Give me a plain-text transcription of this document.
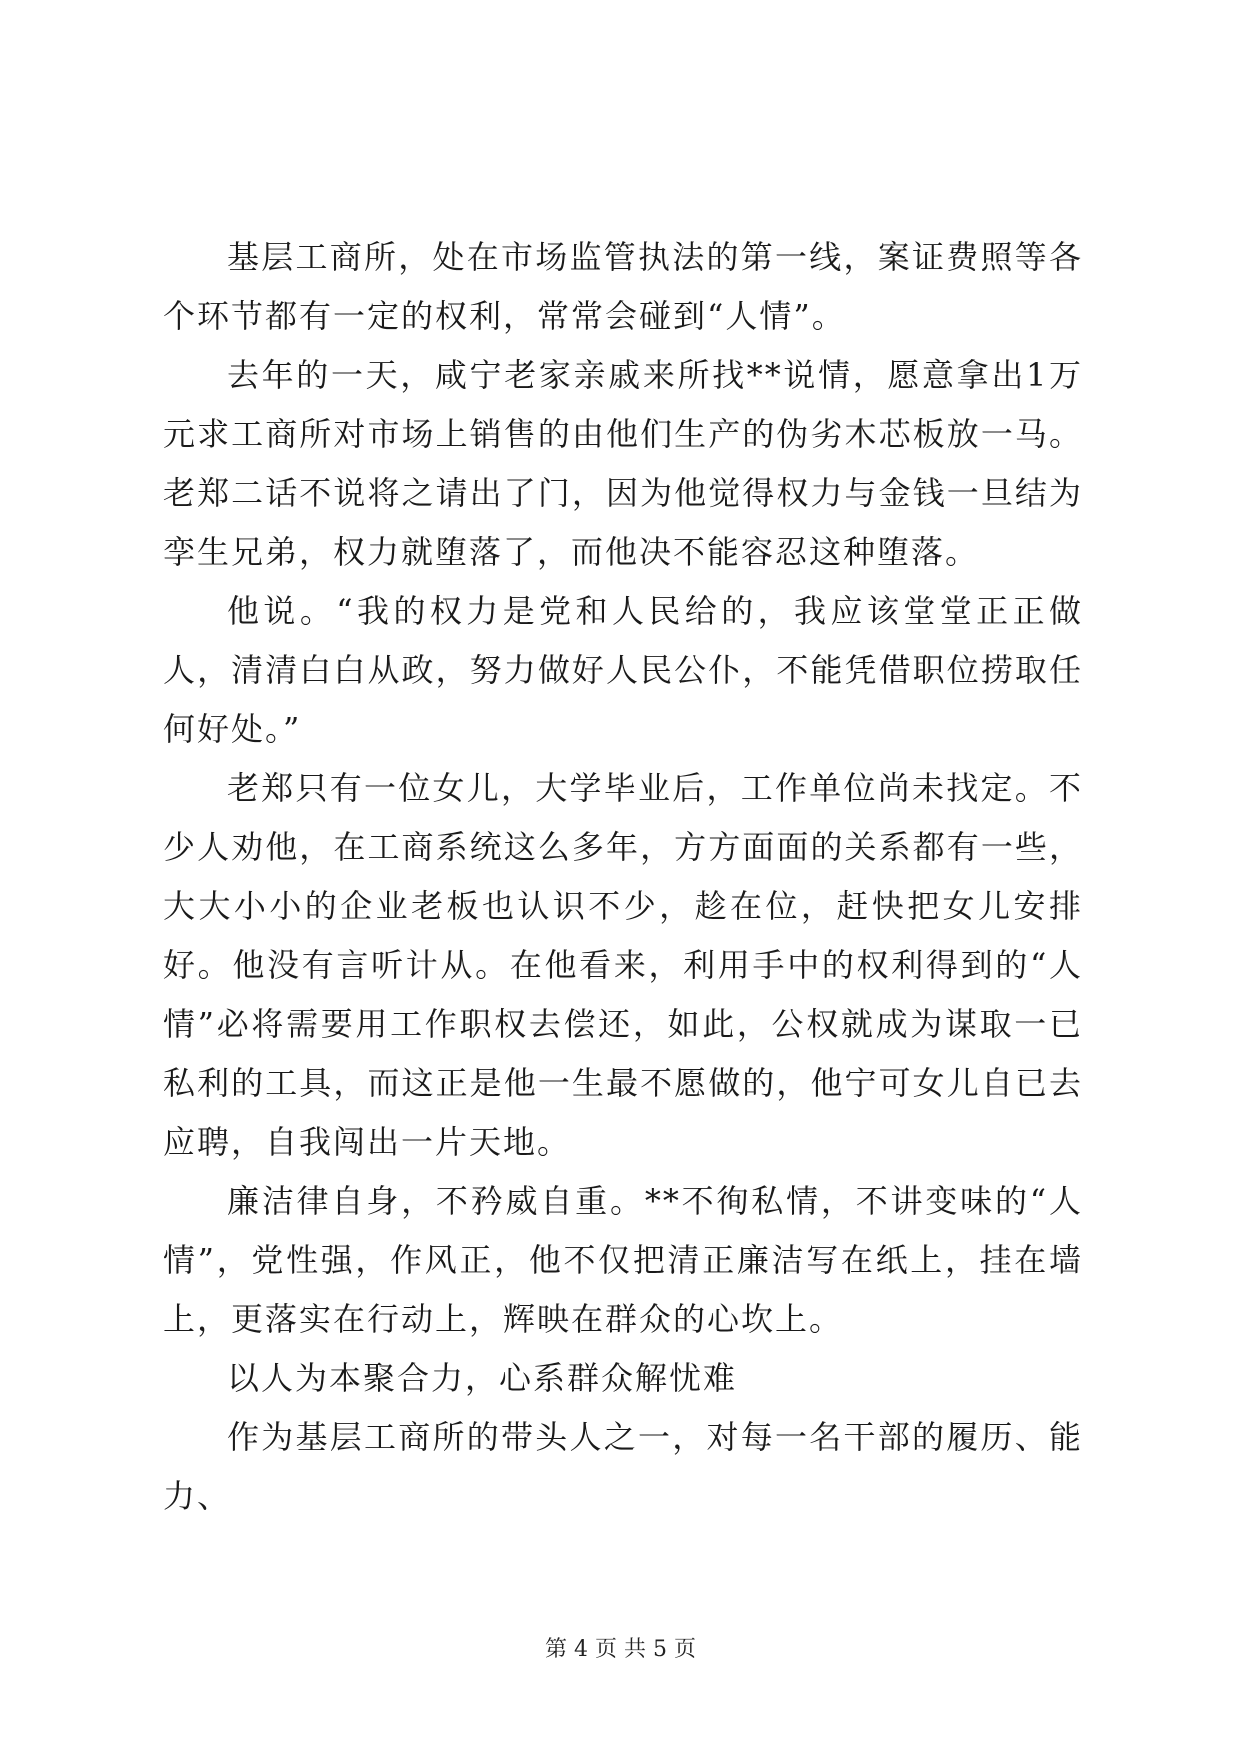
基层工商所，处在市场监管执法的第一线，案证费照等各个环节都有一定的权利，常常会碰到“人情”。

去年的一天，咸宁老家亲戚来所找**说情，愿意拿出1万元求工商所对市场上销售的由他们生产的伪劣木芯板放一马。老郑二话不说将之请出了门，因为他觉得权力与金钱一旦结为孪生兄弟，权力就堕落了，而他决不能容忍这种堕落。

他说。“我的权力是党和人民给的，我应该堂堂正正做人，清清白白从政，努力做好人民公仆，不能凭借职位捞取任何好处。”

老郑只有一位女儿，大学毕业后，工作单位尚未找定。不少人劝他，在工商系统这么多年，方方面面的关系都有一些，大大小小的企业老板也认识不少，趁在位，赶快把女儿安排好。他没有言听计从。在他看来，利用手中的权利得到的“人情”必将需要用工作职权去偿还，如此，公权就成为谋取一已私利的工具，而这正是他一生最不愿做的，他宁可女儿自已去应聘，自我闯出一片天地。

廉洁律自身，不矜威自重。**不徇私情，不讲变味的“人情”，党性强，作风正，他不仅把清正廉洁写在纸上，挂在墙上，更落实在行动上，辉映在群众的心坎上。

以人为本聚合力，心系群众解忧难

作为基层工商所的带头人之一，对每一名干部的履历、能力、

第 4 页 共 5 页
